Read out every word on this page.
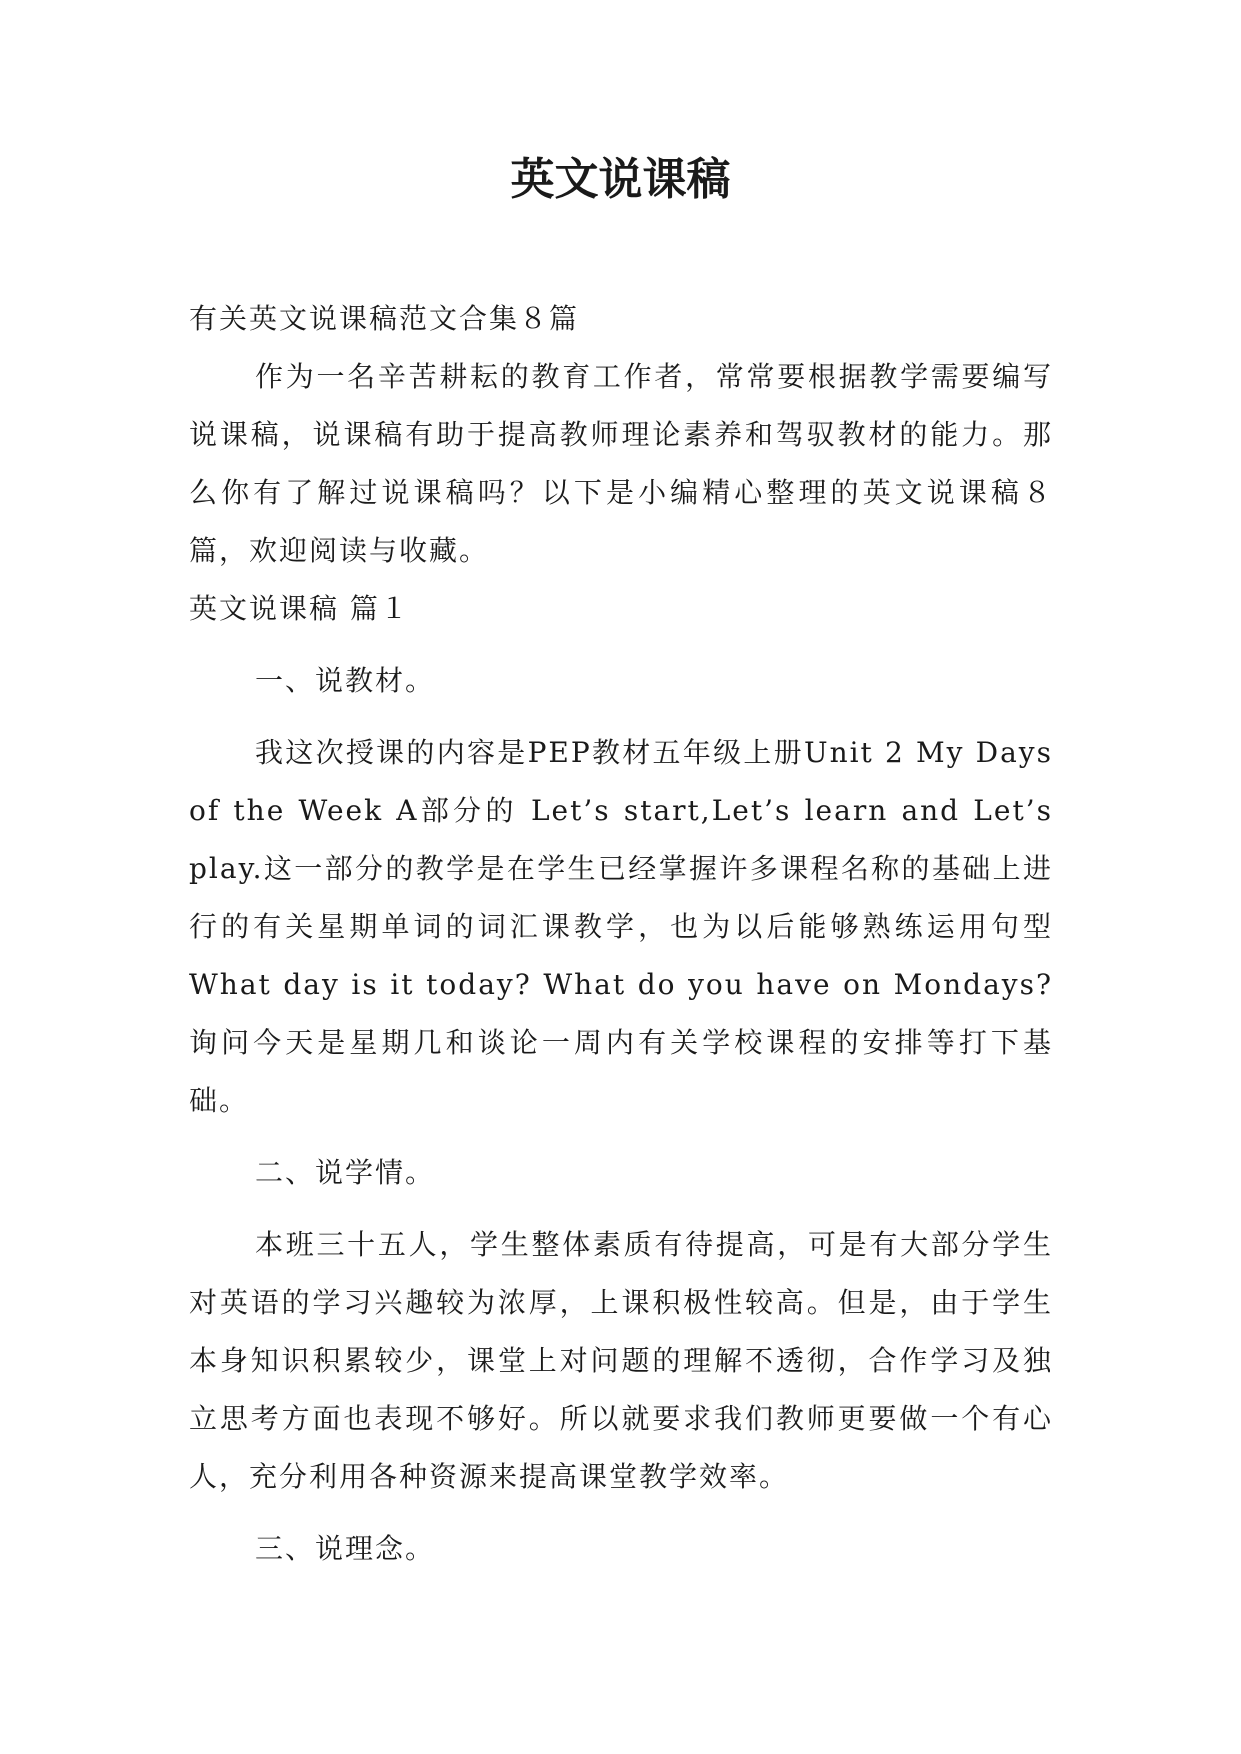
英文说课稿

有关英文说课稿范文合集８篇

作为一名辛苦耕耘的教育工作者，常常要根据教学需要编写说课稿，说课稿有助于提高教师理论素养和驾驭教材的能力。那么你有了解过说课稿吗？以下是小编精心整理的英文说课稿８篇，欢迎阅读与收藏。

英文说课稿 篇１

一、说教材。

我这次授课的内容是PEP教材五年级上册Unit 2 My Days of the Week A部分的 Let’s start,Let’s learn and Let’s play.这一部分的教学是在学生已经掌握许多课程名称的基础上进行的有关星期单词的词汇课教学，也为以后能够熟练运用句型What day is it today? What do you have on Mondays?询问今天是星期几和谈论一周内有关学校课程的安排等打下基础。

二、说学情。

本班三十五人，学生整体素质有待提高，可是有大部分学生对英语的学习兴趣较为浓厚，上课积极性较高。但是，由于学生本身知识积累较少，课堂上对问题的理解不透彻，合作学习及独立思考方面也表现不够好。所以就要求我们教师更要做一个有心人，充分利用各种资源来提高课堂教学效率。

三、说理念。
